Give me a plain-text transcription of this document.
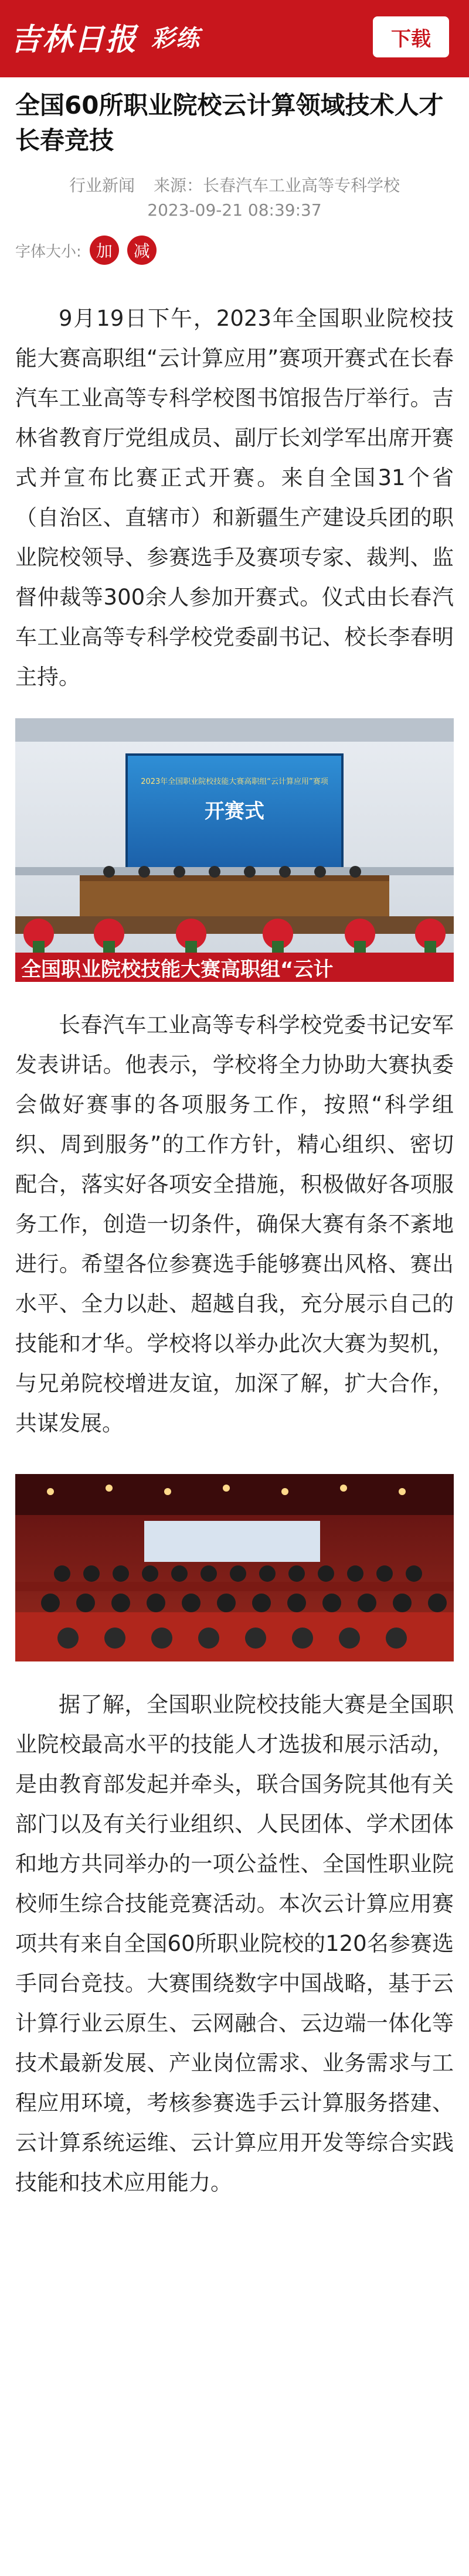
吉林日报 彩练	下载
全国60所职业院校云计算领域技术人才长春竞技
行业新闻 来源：长春汽车工业高等专科学校
2023-09-21 08:39:37
字体大小: 加	减

9月19日下午，2023年全国职业院校技能大赛高职组“云计算应用”赛项开赛式在长春汽车工业高等专科学校图书馆报告厅举行。吉林省教育厅党组成员、副厅长刘学军出席开赛式并宣布比赛正式开赛。来自全国31个省（自治区、直辖市）和新疆生产建设兵团的职业院校领导、参赛选手及赛项专家、裁判、监督仲裁等300余人参加开赛式。仪式由长春汽车工业高等专科学校党委副书记、校长李春明主持。

2023年全国职业院校技能大赛高职组“云计算应用”赛项
开赛式
全国职业院校技能大赛高职组“云计

长春汽车工业高等专科学校党委书记安军发表讲话。他表示，学校将全力协助大赛执委会做好赛事的各项服务工作，按照“科学组织、周到服务”的工作方针，精心组织、密切配合，落实好各项安全措施，积极做好各项服务工作，创造一切条件，确保大赛有条不紊地进行。希望各位参赛选手能够赛出风格、赛出水平、全力以赴、超越自我，充分展示自己的技能和才华。学校将以举办此次大赛为契机，与兄弟院校增进友谊，加深了解，扩大合作，共谋发展。

据了解，全国职业院校技能大赛是全国职业院校最高水平的技能人才选拔和展示活动，是由教育部发起并牵头，联合国务院其他有关部门以及有关行业组织、人民团体、学术团体和地方共同举办的一项公益性、全国性职业院校师生综合技能竞赛活动。本次云计算应用赛项共有来自全国60所职业院校的120名参赛选手同台竞技。大赛围绕数字中国战略，基于云计算行业云原生、云网融合、云边端一体化等技术最新发展、产业岗位需求、业务需求与工程应用环境，考核参赛选手云计算服务搭建、云计算系统运维、云计算应用开发等综合实践技能和技术应用能力。
